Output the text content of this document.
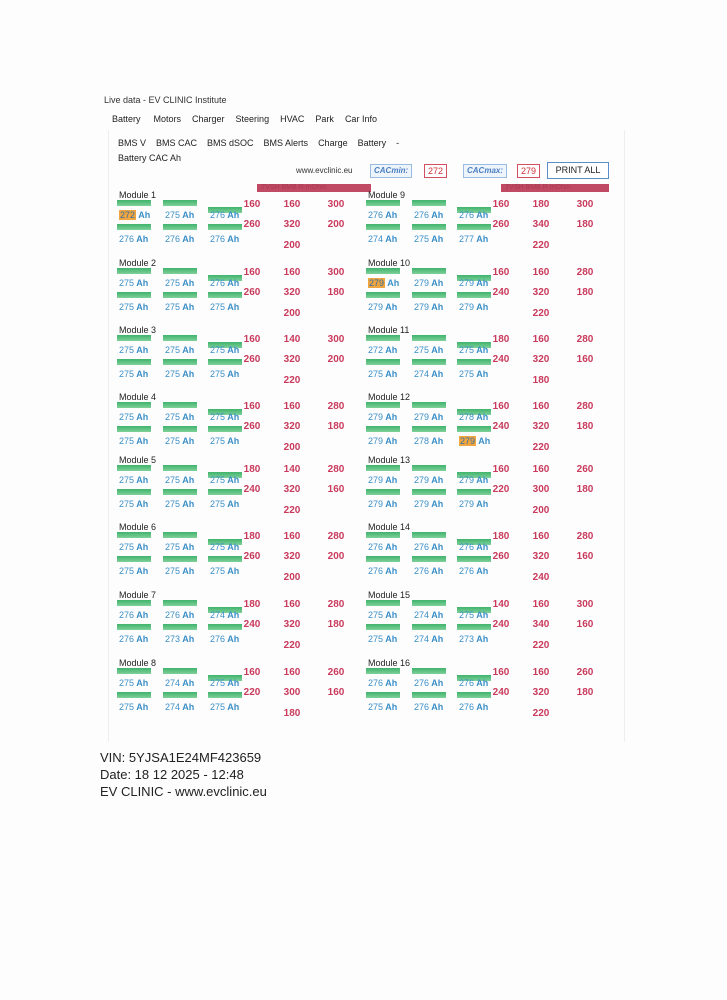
Live data - EV CLINIC Institute
Battery Motors Charger Steering HVAC Park Car Info
BMS V BMS CAC BMS dSOC BMS Alerts Charge Battery -
Battery CAC Ah
www.evclinic.eu	CACmin:	272	CACmax:	279	PRINT ALL
TVSH BMB R mOhm	TVSH BMB R mOhm
Module 1
272 Ah 275 Ah 276 Ah
276 Ah 276 Ah 276 Ah
160	160	300
260	320	200
200
Module 2
275 Ah 275 Ah 276 Ah
275 Ah 275 Ah 275 Ah
160	160	300
260	320	180
200
Module 3
275 Ah 275 Ah 275 Ah
275 Ah 275 Ah 275 Ah
160	140	300
260	320	200
220
Module 4
275 Ah 275 Ah 275 Ah
275 Ah 275 Ah 275 Ah
160	160	280
260	320	180
200
Module 5
275 Ah 275 Ah 275 Ah
275 Ah 275 Ah 275 Ah
180	140	280
240	320	160
220
Module 6
275 Ah 275 Ah 275 Ah
275 Ah 275 Ah 275 Ah
180	160	280
260	320	200
200
Module 7
276 Ah 276 Ah 274 Ah
276 Ah 273 Ah 276 Ah
180	160	280
240	320	180
220
Module 8
275 Ah 274 Ah 275 Ah
275 Ah 274 Ah 275 Ah
160	160	260
220	300	160
180
Module 9
276 Ah 276 Ah 276 Ah
274 Ah 275 Ah 277 Ah
160	180	300
260	340	180
220
Module 10
279 Ah 279 Ah 279 Ah
279 Ah 279 Ah 279 Ah
160	160	280
240	320	180
220
Module 11
272 Ah 275 Ah 275 Ah
275 Ah 274 Ah 275 Ah
180	160	280
240	320	160
180
Module 12
279 Ah 279 Ah 278 Ah
279 Ah 278 Ah 279 Ah
160	160	280
240	320	180
220
Module 13
279 Ah 279 Ah 279 Ah
279 Ah 279 Ah 279 Ah
160	160	260
220	300	180
200
Module 14
276 Ah 276 Ah 276 Ah
276 Ah 276 Ah 276 Ah
180	160	280
260	320	160
240
Module 15
275 Ah 274 Ah 275 Ah
275 Ah 274 Ah 273 Ah
140	160	300
240	340	160
220
Module 16
276 Ah 276 Ah 276 Ah
275 Ah 276 Ah 276 Ah
160	160	260
240	320	180
220
VIN: 5YJSA1E24MF423659
Date: 18 12 2025 - 12:48
EV CLINIC - www.evclinic.eu
